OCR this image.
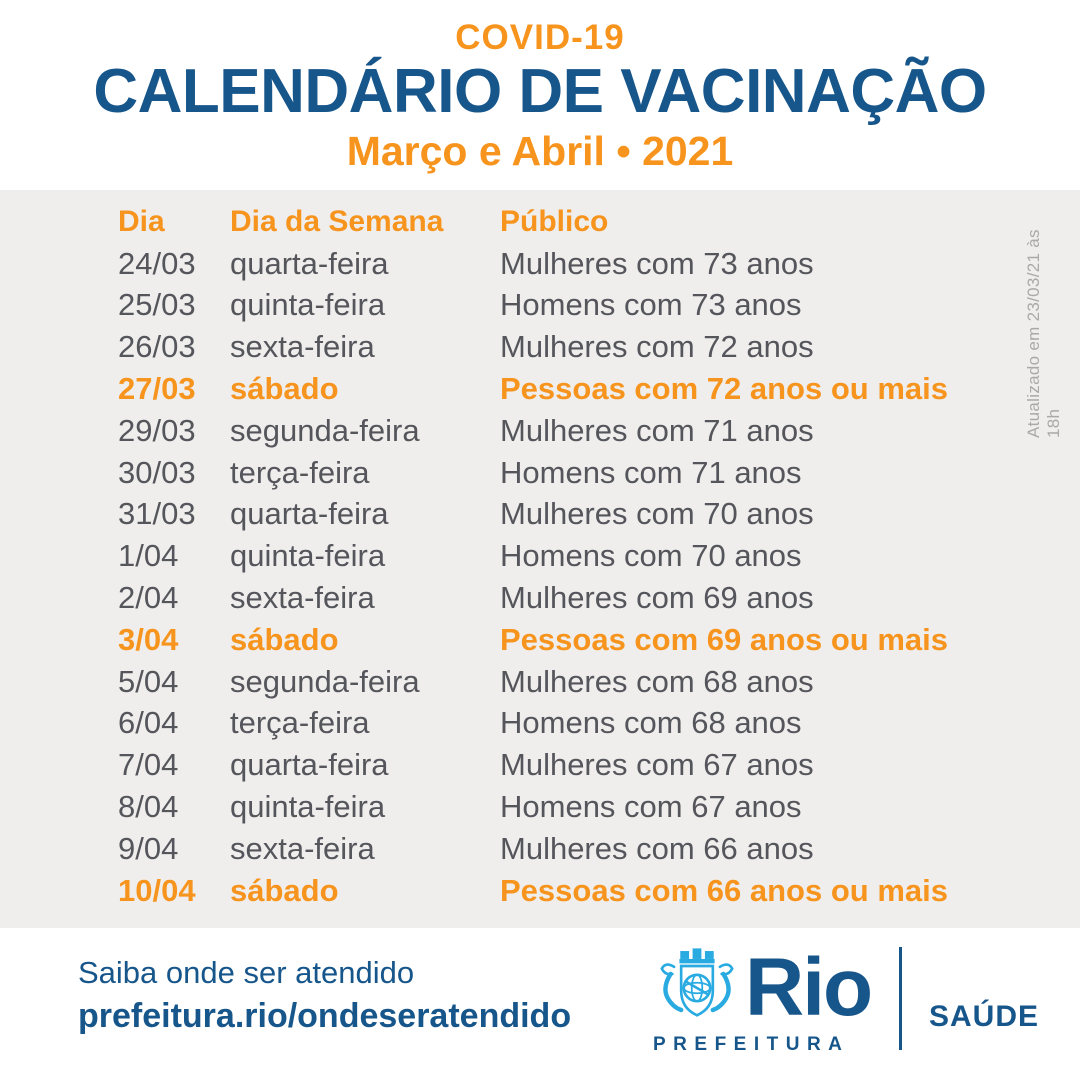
COVID-19
CALENDÁRIO DE VACINAÇÃO
Março e Abril • 2021
Dia	Dia da Semana	Público
24/03	quarta-feira	Mulheres com 73 anos
25/03	quinta-feira	Homens com 73 anos
26/03	sexta-feira	Mulheres com 72 anos
27/03	sábado	Pessoas com 72 anos ou mais
29/03	segunda-feira	Mulheres com 71 anos
30/03	terça-feira	Homens com 71 anos
31/03	quarta-feira	Mulheres com 70 anos
1/04	quinta-feira	Homens com 70 anos
2/04	sexta-feira	Mulheres com 69 anos
3/04	sábado	Pessoas com 69 anos ou mais
5/04	segunda-feira	Mulheres com 68 anos
6/04	terça-feira	Homens com 68 anos
7/04	quarta-feira	Mulheres com 67 anos
8/04	quinta-feira	Homens com 67 anos
9/04	sexta-feira	Mulheres com 66 anos
10/04	sábado	Pessoas com 66 anos ou mais
Atualizado em 23/03/21 às 18h
Saiba onde ser atendido
prefeitura.rio/ondeseratendido Rio
PREFEITURA
SAÚDE
